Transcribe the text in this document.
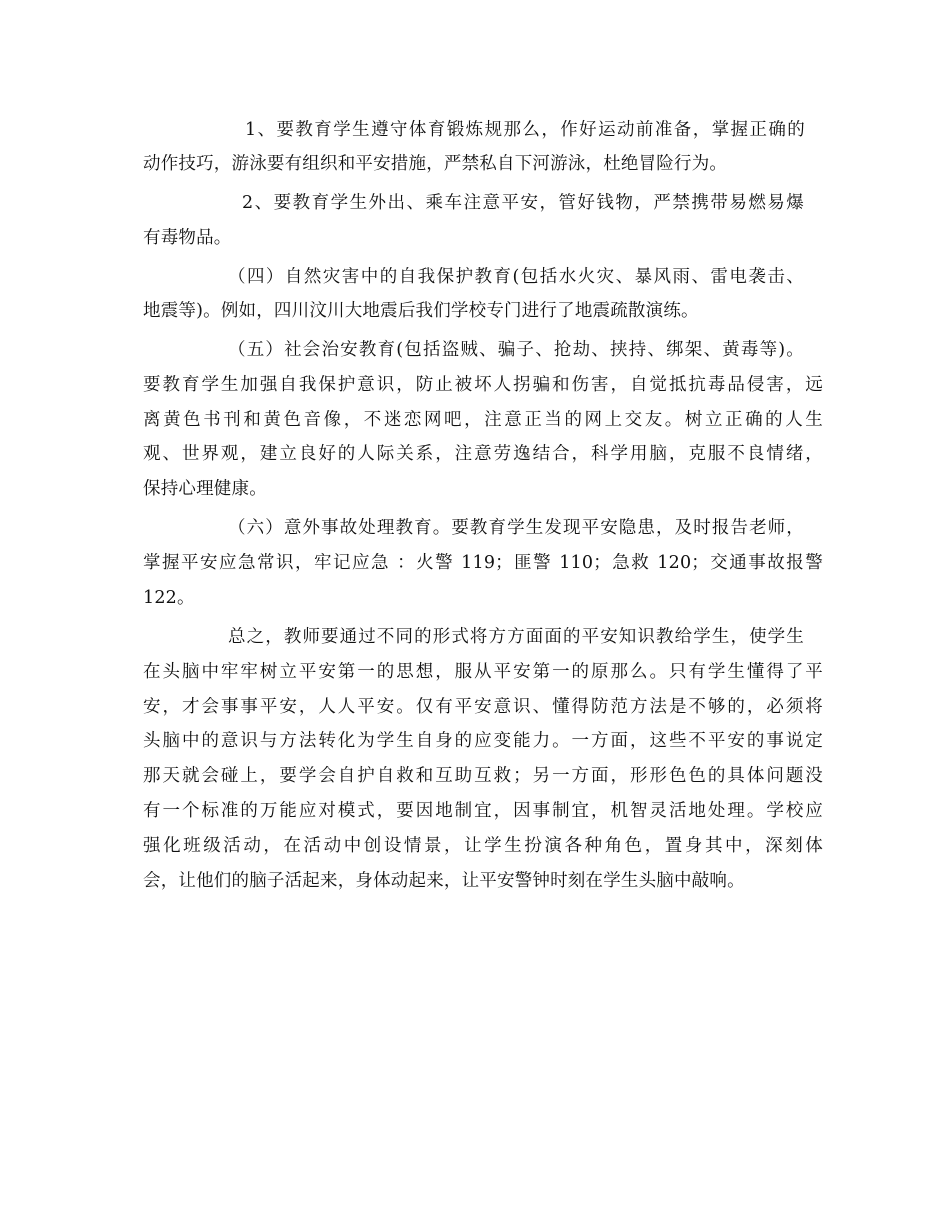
1、要教育学生遵守体育锻炼规那么，作好运动前准备，掌握正确的
动作技巧，游泳要有组织和平安措施，严禁私自下河游泳，杜绝冒险行为。
2、要教育学生外出、乘车注意平安，管好钱物，严禁携带易燃易爆
有毒物品。
（四）自然灾害中的自我保护教育(包括水火灾、暴风雨、雷电袭击、
地震等)。例如，四川汶川大地震后我们学校专门进行了地震疏散演练。
（五）社会治安教育(包括盗贼、骗子、抢劫、挟持、绑架、黄毒等)。
要教育学生加强自我保护意识，防止被坏人拐骗和伤害，自觉抵抗毒品侵害，远
离黄色书刊和黄色音像，不迷恋网吧，注意正当的网上交友。树立正确的人生
观、世界观，建立良好的人际关系，注意劳逸结合，科学用脑，克服不良情绪，
保持心理健康。
（六）意外事故处理教育。要教育学生发现平安隐患，及时报告老师，
掌握平安应急常识，牢记应急 ：火警 119；匪警 110；急救 120；交通事故报警
122。
总之，教师要通过不同的形式将方方面面的平安知识教给学生，使学生
在头脑中牢牢树立平安第一的思想，服从平安第一的原那么。只有学生懂得了平
安，才会事事平安，人人平安。仅有平安意识、懂得防范方法是不够的，必须将
头脑中的意识与方法转化为学生自身的应变能力。一方面，这些不平安的事说定
那天就会碰上，要学会自护自救和互助互救；另一方面，形形色色的具体问题没
有一个标准的万能应对模式，要因地制宜，因事制宜，机智灵活地处理。学校应
强化班级活动，在活动中创设情景，让学生扮演各种角色，置身其中，深刻体
会，让他们的脑子活起来，身体动起来，让平安警钟时刻在学生头脑中敲响。
